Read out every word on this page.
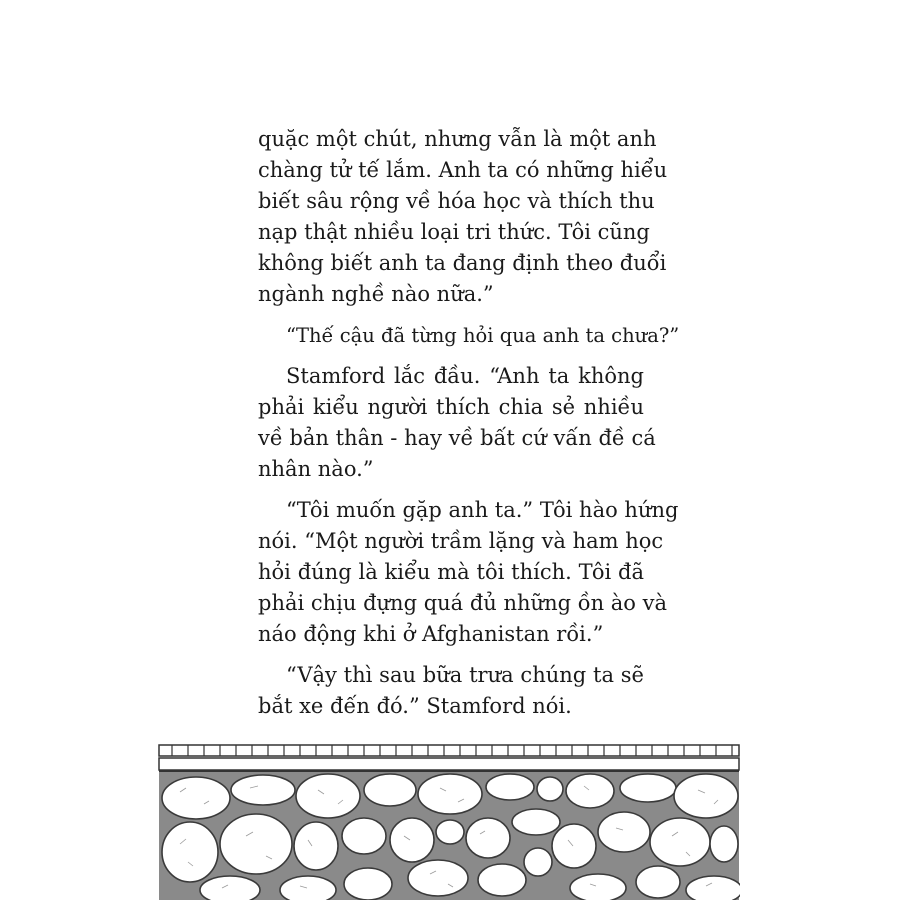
quặc một chút, nhưng vẫn là một anh
chàng tử tế lắm. Anh ta có những hiểu
biết sâu rộng về hóa học và thích thu
nạp thật nhiều loại tri thức. Tôi cũng
không biết anh ta đang định theo đuổi
ngành nghề nào nữa.”
“Thế cậu đã từng hỏi qua anh ta chưa?”
Stamford lắc đầu. “Anh ta không
phải kiểu người thích chia sẻ nhiều
về bản thân - hay về bất cứ vấn đề cá
nhân nào.”
“Tôi muốn gặp anh ta.” Tôi hào hứng
nói. “Một người trầm lặng và ham học
hỏi đúng là kiểu mà tôi thích. Tôi đã
phải chịu đựng quá đủ những ồn ào và
náo động khi ở Afghanistan rồi.”
“Vậy thì sau bữa trưa chúng ta sẽ
bắt xe đến đó.” Stamford nói.
